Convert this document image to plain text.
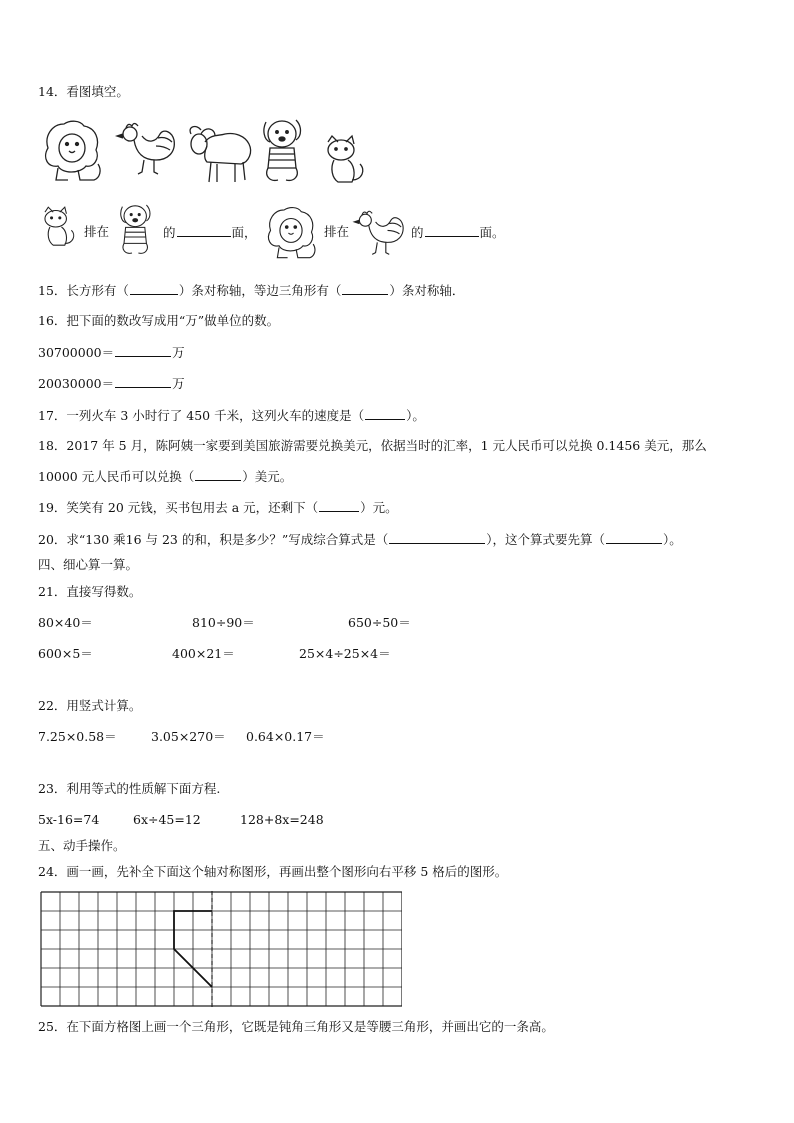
14．看图填空。
排在	的	面，	排在	的	面。
15．长方形有（	）条对称轴，等边三角形有（	）条对称轴．
16．把下面的数改写成用“万”做单位的数。
30700000＝	万
20030000＝	万
17．一列火车 3 小时行了 450 千米，这列火车的速度是（	）。
18．2017 年 5 月，陈阿姨一家要到美国旅游需要兑换美元，依据当时的汇率，1 元人民币可以兑换 0.1456 美元，那么
10000 元人民币可以兑换（	）美元。
19．笑笑有 20 元钱，买书包用去 a 元，还剩下（	）元。
20．求“130 乘16 与 23 的和，积是多少？”写成综合算式是（	），这个算式要先算（	）。
四、细心算一算。
21．直接写得数。
80×40＝	810÷90＝	650÷50＝
600×5＝	400×21＝	25×4÷25×4＝
22．用竖式计算。
7.25×0.58＝	3.05×270＝ 0.64×0.17＝
23．利用等式的性质解下面方程.
5x-16=74	6x÷45=12	128+8x=248
五、动手操作。
24．画一画，先补全下面这个轴对称图形，再画出整个图形向右平移 5 格后的图形。
25．在下面方格图上画一个三角形，它既是钝角三角形又是等腰三角形，并画出它的一条高。
